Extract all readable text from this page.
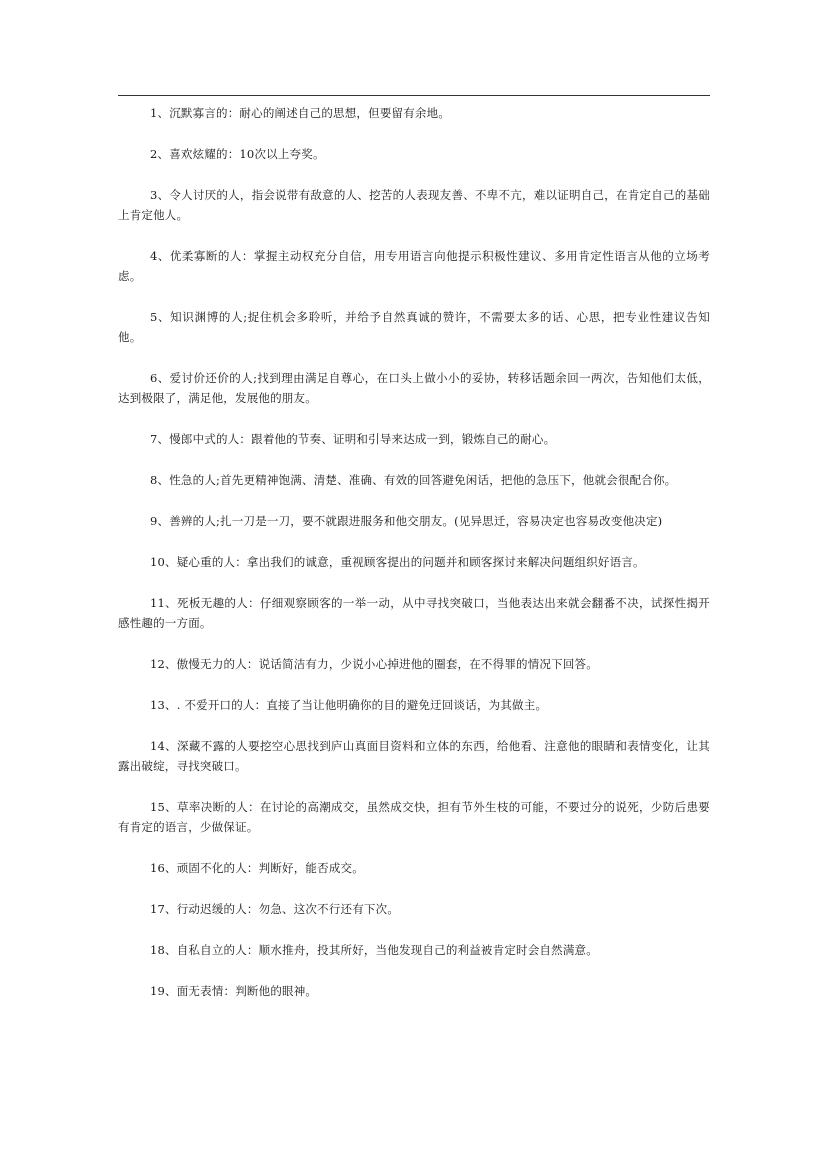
1、沉默寡言的：耐心的阐述自己的思想，但要留有余地。

2、喜欢炫耀的：10次以上夸奖。

3、令人讨厌的人，指会说带有敌意的人、挖苦的人表现友善、不卑不亢，难以证明自己，在肯定自己的基础上肯定他人。

4、优柔寡断的人：掌握主动权充分自信，用专用语言向他提示积极性建议、多用肯定性语言从他的立场考虑。

5、知识渊博的人;捉住机会多聆听，并给予自然真诚的赞许，不需要太多的话、心思，把专业性建议告知他。

6、爱讨价还价的人;找到理由满足自尊心，在口头上做小小的妥协，转移话题余回一两次，告知他们太低，达到极限了，满足他，发展他的朋友。

7、慢郎中式的人：跟着他的节奏、证明和引导来达成一到，锻炼自己的耐心。

8、性急的人;首先更精神饱满、清楚、准确、有效的回答避免闲话，把他的急压下，他就会很配合你。

9、善辨的人;扎一刀是一刀，要不就跟进服务和他交朋友。(见异思迁，容易决定也容易改变他决定)

10、疑心重的人：拿出我们的诚意，重视顾客提出的问题并和顾客探讨来解决问题组织好语言。

11、死板无趣的人：仔细观察顾客的一举一动，从中寻找突破口，当他表达出来就会翻番不决，试探性揭开感性趣的一方面。

12、傲慢无力的人：说话简洁有力，少说小心掉进他的圈套，在不得罪的情况下回答。

13、. 不爱开口的人：直接了当让他明确你的目的避免迂回谈话，为其做主。

14、深藏不露的人要挖空心思找到庐山真面目资料和立体的东西，给他看、注意他的眼睛和表情变化，让其露出破绽，寻找突破口。

15、草率决断的人：在讨论的高潮成交，虽然成交快，担有节外生枝的可能，不要过分的说死，少防后患要有肯定的语言，少做保证。

16、顽固不化的人：判断好，能否成交。

17、行动迟缓的人：勿急、这次不行还有下次。

18、自私自立的人：顺水推舟，投其所好，当他发现自己的利益被肯定时会自然满意。

19、面无表情：判断他的眼神。
